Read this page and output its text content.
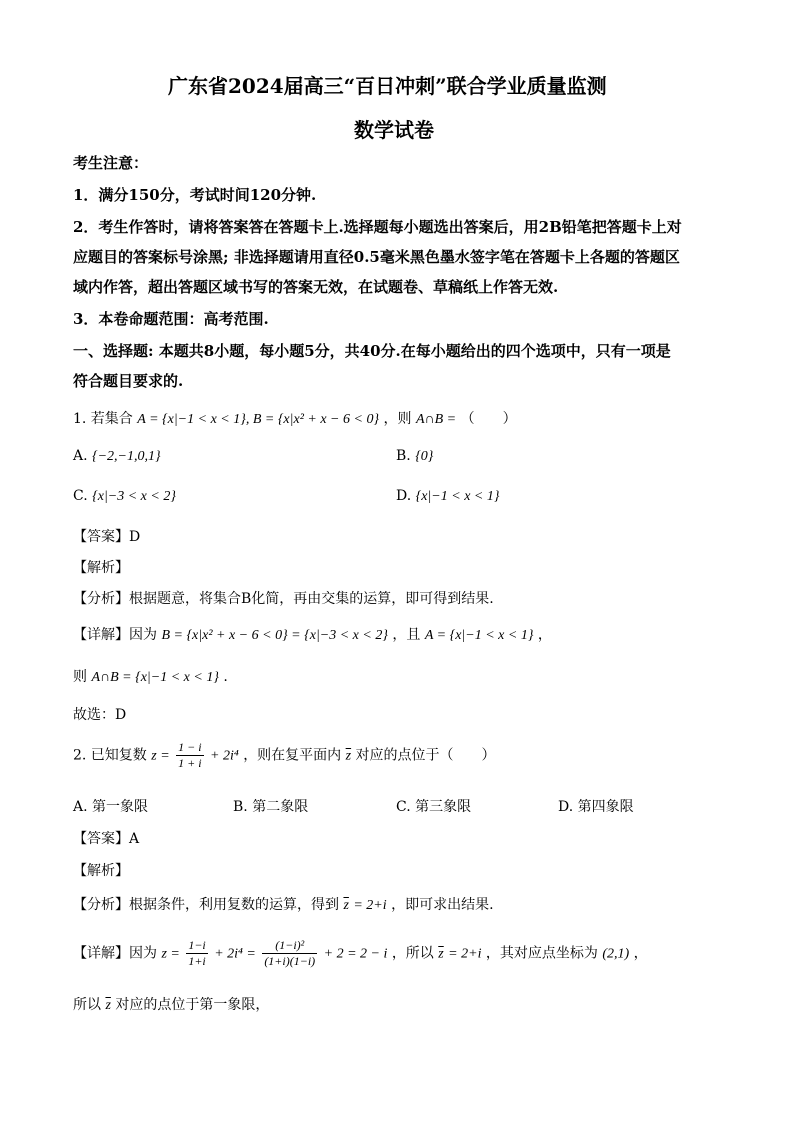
广东省2024届高三“百日冲刺”联合学业质量监测
数学试卷
考生注意：
1．满分150分，考试时间120分钟.
2．考生作答时，请将答案答在答题卡上.选择题每小题选出答案后，用2B铅笔把答题卡上对
应题目的答案标号涂黑; 非选择题请用直径0.5毫米黑色墨水签字笔在答题卡上各题的答题区
域内作答，超出答题区域书写的答案无效，在试题卷、草稿纸上作答无效.
3．本卷命题范围：高考范围.
一、选择题: 本题共8小题，每小题5分，共40分.在每小题给出的四个选项中，只有一项是
符合题目要求的.
1. 若集合 A = {x|−1 < x < 1}, B = {x|x² + x − 6 < 0} ，则 A∩B = （　　）
A. {−2,−1,0,1}	B. {0}
C. {x|−3 < x < 2}	D. {x|−1 < x < 1}
【答案】D
【解析】
【分析】根据题意，将集合B化简，再由交集的运算，即可得到结果.
【详解】因为 B = {x|x² + x − 6 < 0} = {x|−3 < x < 2} ，且 A = {x|−1 < x < 1} ，
则 A∩B = {x|−1 < x < 1} .
故选：D
2. 已知复数 $z = \frac{1 - i}{1 + i} + 2i^4$ ，则在复平面内 $\overline{z}$ 对应的点位于（　　）
A. 第一象限	B. 第二象限	C. 第三象限	D. 第四象限
【答案】A
【解析】
【分析】根据条件，利用复数的运算，得到 $\overline{z} = 2+i$ ，即可求出结果.
【详解】因为 $z = \frac{1-i}{1+i} + 2i^4 = \frac{\text{(1−i)²}}{(1+i)(1-i)} + 2 = 2 - i$ ，所以 $\overline{z} = 2+i$ ，其对应点坐标为 (2,1) ，
所以 $\overline{z}$ 对应的点位于第一象限，
